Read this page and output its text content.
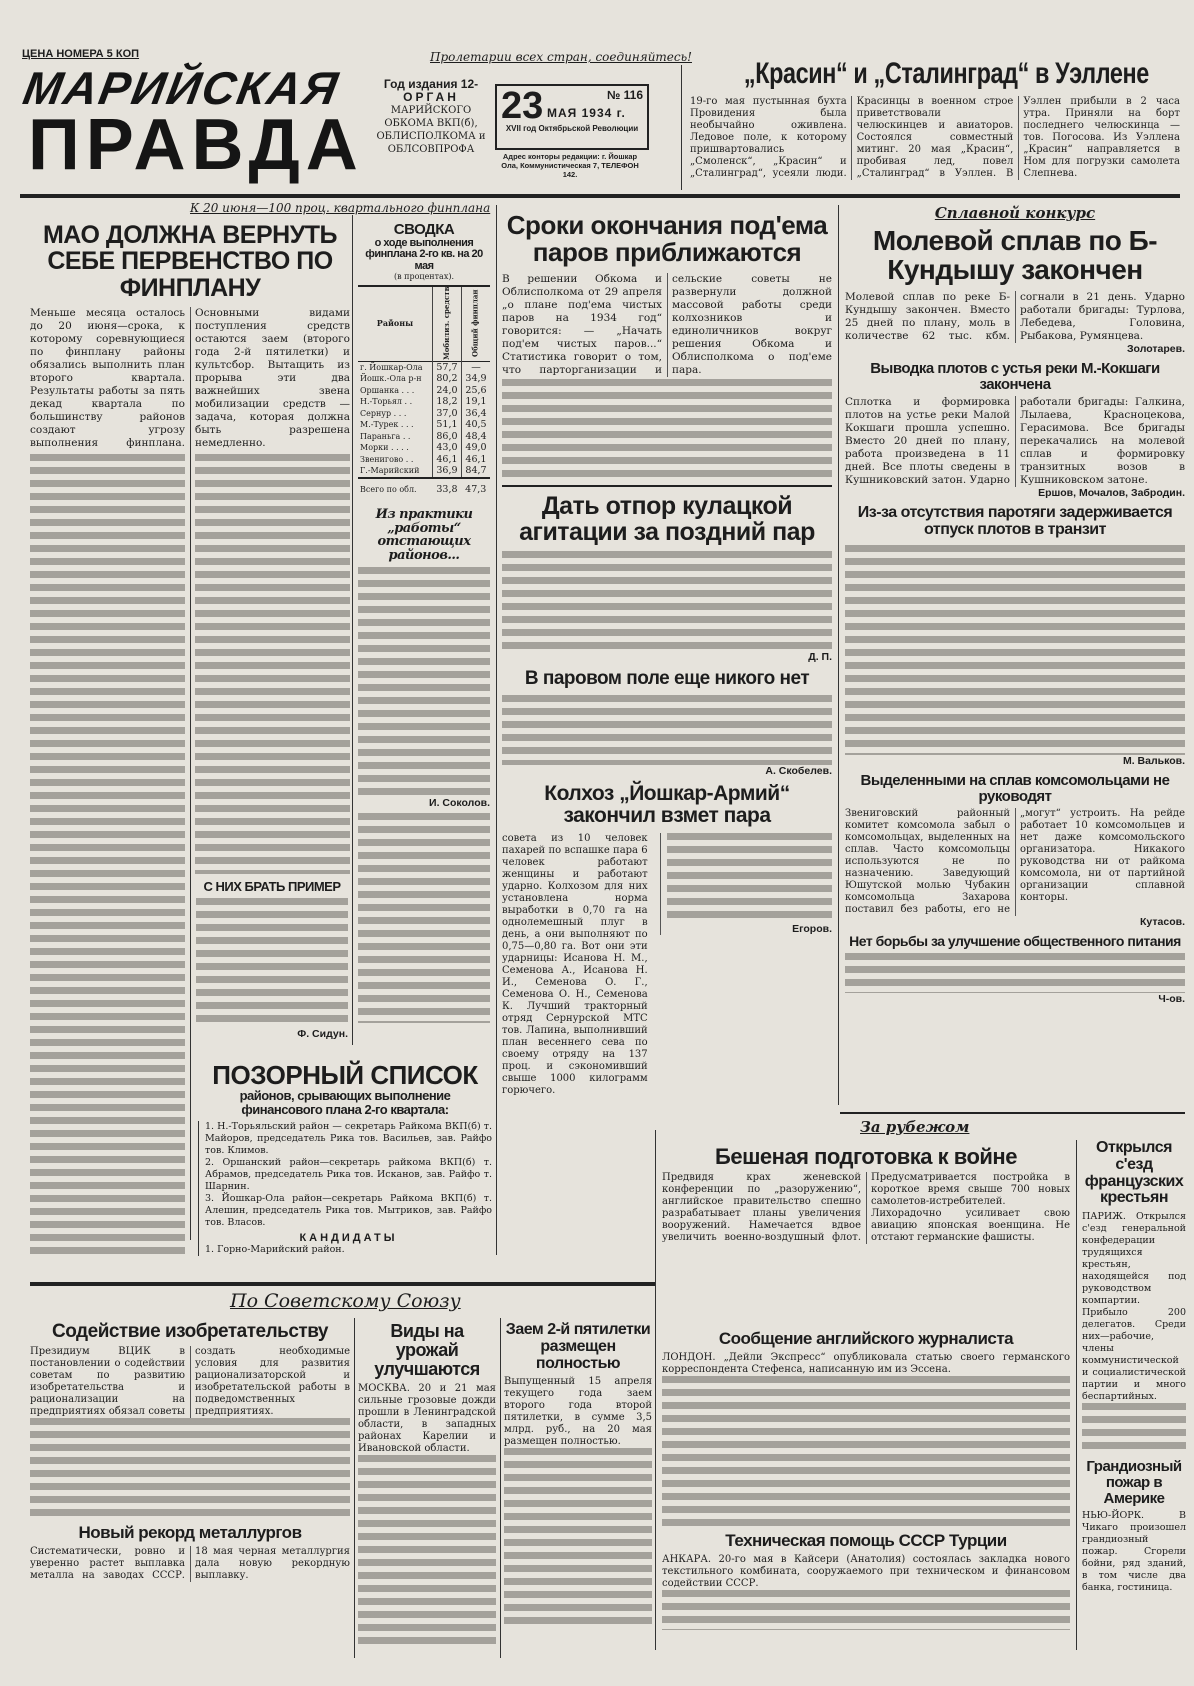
ЦЕНА НОМЕРА 5 КОП	Пролетарии всех стран, соединяйтесь!
МАРИЙСКАЯ
ПРАВДА
Год издания 12-
ОРГАН
МАРИЙСКОГО ОБКОМА ВКП(б), ОБЛИСПОЛКОМА и ОБЛСОВПРОФА
23	№ 116
МАЯ 1934 г.
XVII год Октябрьской Революции
Адрес конторы редакции: г. Йошкар Ола, Коммунистическая 7, ТЕЛЕФОН 142.
„Красин“ и „Сталинград“ в Уэллене
19-го мая пустынная бухта Провидения была необычайно оживлена. Ледовое поле, к которому пришвартовались „Смоленск“, „Красин“ и „Сталинград“, усеяли люди. Красинцы в военном строе приветствовали челюскинцев и авиаторов. Состоялся совместный митинг. 20 мая „Красин“, пробивая лед, повел „Сталинград“ в Уэллен. В Уэллен прибыли в 2 часа утра. Приняли на борт последнего челюскинца — тов. Погосова. Из Уэллена „Красин“ направляется в Ном для погрузки самолета Слепнева.
К 20 июня—100 проц. квартального финплана
МАО ДОЛЖНА ВЕРНУТЬ СЕБЕ ПЕРВЕНСТВО ПО ФИНПЛАНУ
Меньше месяца осталось до 20 июня—срока, к которому соревнующиеся по финплану районы обязались выполнить план второго квартала. Результаты работы за пять декад квартала по большинству районов создают угрозу выполнения финплана. Основными видами поступления средств остаются заем (второго года 2-й пятилетки) и культсбор. Вытащить из прорыва эти два важнейших звена мобилизации средств — задача, которая должна быть разрешена немедленно.
СВОДКА
о ходе выполнения финплана 2-го кв. на 20 мая
(в процентах).
Районы	Мобилиз. средств	Общий финплан
г. Йошкар-Ола	57,7	—
Йошк.-Ола р-н	80,2	34,9
Оршанка . . .	24,0	25,6
Н.-Торьял . .	18,2	19,1
Сернур . . .	37,0	36,4
М.-Турек . . .	51,1	40,5
Параньга . .	86,0	48,4
Морки . . . .	43,0	49,0
Звенигово . .	46,1	46,1
Г.-Марийский	36,9	84,7
Всего по обл.	33,8	47,3
Из практики „работы“ отстающих районов...
И. Соколов.
С НИХ БРАТЬ ПРИМЕР
Ф. Сидун.
ПОЗОРНЫЙ СПИСОК
районов, срывающих выполнение финансового плана 2-го квартала:
1. Н.-Торьяльский район — секретарь Райкома ВКП(б) т. Майоров, председатель Рика тов. Васильев, зав. Райфо тов. Климов.
2. Оршанский район—секретарь райкома ВКП(б) т. Абрамов, председатель Рика тов. Исканов, зав. Райфо т. Шарнин.
3. Йошкар-Ола район—секретарь Райкома ВКП(б) т. Алешин, председатель Рика тов. Мытриков, зав. Райфо тов. Власов.
КАНДИДАТЫ
1. Горно-Марийский район.
Сроки окончания под'ема паров приближаются
В решении Обкома и Облисполкома от 29 апреля „о плане под'ема чистых паров на 1934 год“ говорится: — „Начать под'ем чистых паров...“ Статистика говорит о том, что парторганизации и сельские советы не развернули должной массовой работы среди колхозников и единоличников вокруг решения Обкома и Облисполкома о под'еме пара.
Дать отпор кулацкой агитации за поздний пар
Д. П.
В паровом поле еще никого нет
А. Скобелев.
Колхоз „Йошкар-Армий“ закончил взмет пара
совета из 10 человек пахарей по вспашке пара 6 человек работают женщины и работают ударно. Колхозом для них установлена норма выработки в 0,70 га на однолемешный плуг в день, а они выполняют по 0,75—0,80 га. Вот они эти ударницы: Исанова Н. М., Семенова А., Исанова Н. И., Семенова О. Г., Семенова О. Н., Семенова К. Лучший тракторный отряд Сернурской МТС тов. Лапина, выполнивший план весеннего сева по своему отряду на 137 проц. и сэкономивший свыше 1000 килограмм горючего.
Егоров.
Сплавной конкурс
Молевой сплав по Б-Кундышу закончен
Молевой сплав по реке Б-Кундышу закончен. Вместо 25 дней по плану, моль в количестве 62 тыс. кбм. согнали в 21 день. Ударно работали бригады: Турлова, Лебедева, Головина, Рыбакова, Румянцева.
Золотарев.
Выводка плотов с устья реки М.-Кокшаги закончена
Сплотка и формировка плотов на устье реки Малой Кокшаги прошла успешно. Вместо 20 дней по плану, работа произведена в 11 дней. Все плоты сведены в Кушниковский затон. Ударно работали бригады: Галкина, Лылаева, Красноцекова, Герасимова. Все бригады перекачались на молевой сплав и формировку транзитных возов в Кушниковском затоне.
Ершов, Мочалов, Забродин.
Из-за отсутствия паротяги задерживается отпуск плотов в транзит
М. Вальков.
Выделенными на сплав комсомольцами не руководят
Звениговский районный комитет комсомола забыл о комсомольцах, выделенных на сплав. Часто комсомольцы используются не по назначению. Заведующий Юшутской молью Чубакин комсомольца Захарова поставил без работы, его не „могут“ устроить. На рейде работает 10 комсомольцев и нет даже комсомольского организатора. Никакого руководства ни от райкома комсомола, ни от партийной организации сплавной конторы.
Кутасов.
Нет борьбы за улучшение общественного питания
Ч-ов.
За рубежом
Бешеная подготовка к войне
Предвидя крах женевской конференции по „разоружению“, английское правительство спешно разрабатывает планы увеличения вооружений. Намечается вдвое увеличить военно-воздушный флот. Предусматривается постройка в короткое время свыше 700 новых самолетов-истребителей. Лихорадочно усиливает свою авиацию японская военщина. Не отстают германские фашисты.
Открылся с'езд французских крестьян
ПАРИЖ. Открылся с'езд генеральной конфедерации трудящихся крестьян, находящейся под руководством компартии. Прибыло 200 делегатов. Среди них—рабочие, члены коммунистической и социалистической партии и много беспартийных.
Грандиозный пожар в Америке
НЬЮ-ЙОРК. В Чикаго произошел грандиозный пожар. Сгорели бойни, ряд зданий, в том числе два банка, гостиница.
Сообщение английского журналиста
ЛОНДОН. „Дейли Экспресс“ опубликовала статью своего германского корреспондента Стефенса, написанную им из Эссена.
Техническая помощь СССР Турции
АНКАРА. 20-го мая в Кайсери (Анатолия) состоялась закладка нового текстильного комбината, сооружаемого при техническом и финансовом содействии СССР.
По Советскому Союзу
Содействие изобретательству
Президиум ВЦИК в постановлении о содействии советам по развитию изобретательства и рационализации на предприятиях обязал советы создать необходимые условия для развития рационализаторской и изобретательской работы в подведомственных предприятиях.
Новый рекорд металлургов
Систематически, ровно и уверенно растет выплавка металла на заводах СССР. 18 мая черная металлургия дала новую рекордную выплавку.
Виды на урожай улучшаются
МОСКВА. 20 и 21 мая сильные грозовые дожди прошли в Ленинградской области, в западных районах Карелии и Ивановской области.
Заем 2-й пятилетки размещен полностью
Выпущенный 15 апреля текущего года заем второго года второй пятилетки, в сумме 3,5 млрд. руб., на 20 мая размещен полностью.
